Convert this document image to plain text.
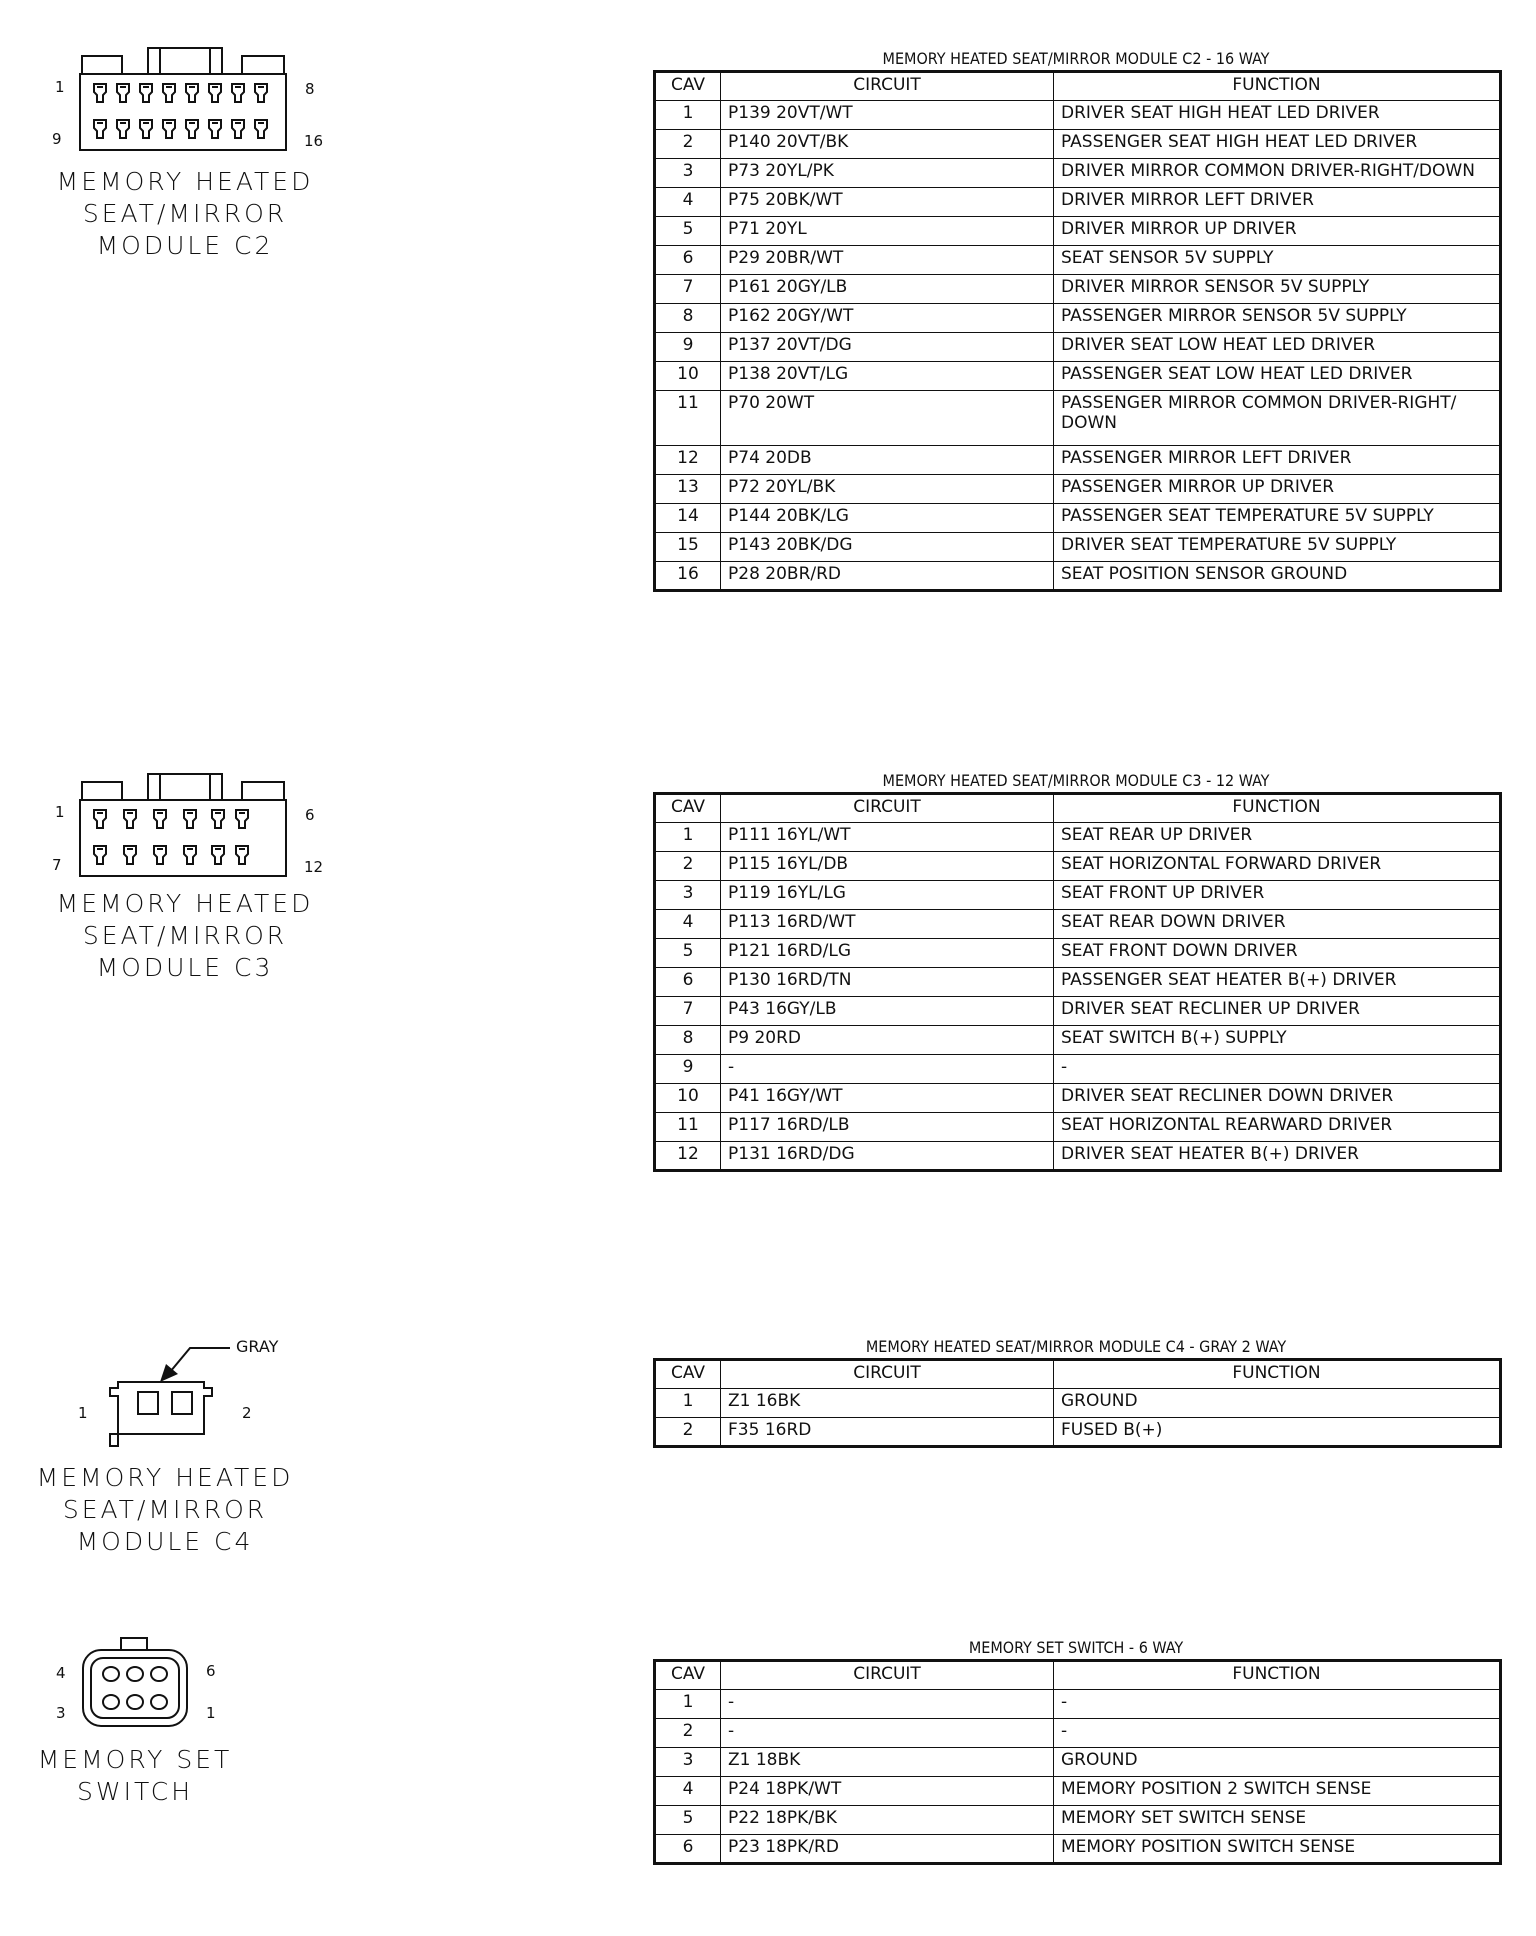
1	8
9	16
MEMORY HEATED
SEAT/MIRROR
MODULE C2
1	6
7	12
MEMORY HEATED
SEAT/MIRROR
MODULE C3
GRAY
1	2
MEMORY HEATED
SEAT/MIRROR
MODULE C4
4	6
3	1
MEMORY SET
SWITCH
MEMORY HEATED SEAT/MIRROR MODULE C2 - 16 WAY
CAV	CIRCUIT	FUNCTION
1	P139 20VT/WT	DRIVER SEAT HIGH HEAT LED DRIVER
2	P140 20VT/BK	PASSENGER SEAT HIGH HEAT LED DRIVER
3	P73 20YL/PK	DRIVER MIRROR COMMON DRIVER-RIGHT/DOWN
4	P75 20BK/WT	DRIVER MIRROR LEFT DRIVER
5	P71 20YL	DRIVER MIRROR UP DRIVER
6	P29 20BR/WT	SEAT SENSOR 5V SUPPLY
7	P161 20GY/LB	DRIVER MIRROR SENSOR 5V SUPPLY
8	P162 20GY/WT	PASSENGER MIRROR SENSOR 5V SUPPLY
9	P137 20VT/DG	DRIVER SEAT LOW HEAT LED DRIVER
10	P138 20VT/LG	PASSENGER SEAT LOW HEAT LED DRIVER
11	P70 20WT	PASSENGER MIRROR COMMON DRIVER-RIGHT/ DOWN
12	P74 20DB	PASSENGER MIRROR LEFT DRIVER
13	P72 20YL/BK	PASSENGER MIRROR UP DRIVER
14	P144 20BK/LG	PASSENGER SEAT TEMPERATURE 5V SUPPLY
15	P143 20BK/DG	DRIVER SEAT TEMPERATURE 5V SUPPLY
16	P28 20BR/RD	SEAT POSITION SENSOR GROUND
MEMORY HEATED SEAT/MIRROR MODULE C3 - 12 WAY
CAV	CIRCUIT	FUNCTION
1	P111 16YL/WT	SEAT REAR UP DRIVER
2	P115 16YL/DB	SEAT HORIZONTAL FORWARD DRIVER
3	P119 16YL/LG	SEAT FRONT UP DRIVER
4	P113 16RD/WT	SEAT REAR DOWN DRIVER
5	P121 16RD/LG	SEAT FRONT DOWN DRIVER
6	P130 16RD/TN	PASSENGER SEAT HEATER B(+) DRIVER
7	P43 16GY/LB	DRIVER SEAT RECLINER UP DRIVER
8	P9 20RD	SEAT SWITCH B(+) SUPPLY
9	-	-
10	P41 16GY/WT	DRIVER SEAT RECLINER DOWN DRIVER
11	P117 16RD/LB	SEAT HORIZONTAL REARWARD DRIVER
12	P131 16RD/DG	DRIVER SEAT HEATER B(+) DRIVER
MEMORY HEATED SEAT/MIRROR MODULE C4 - GRAY 2 WAY
CAV	CIRCUIT	FUNCTION
1	Z1 16BK	GROUND
2	F35 16RD	FUSED B(+)
MEMORY SET SWITCH - 6 WAY
CAV	CIRCUIT	FUNCTION
1	-	-
2	-	-
3	Z1 18BK	GROUND
4	P24 18PK/WT	MEMORY POSITION 2 SWITCH SENSE
5	P22 18PK/BK	MEMORY SET SWITCH SENSE
6	P23 18PK/RD	MEMORY POSITION SWITCH SENSE
